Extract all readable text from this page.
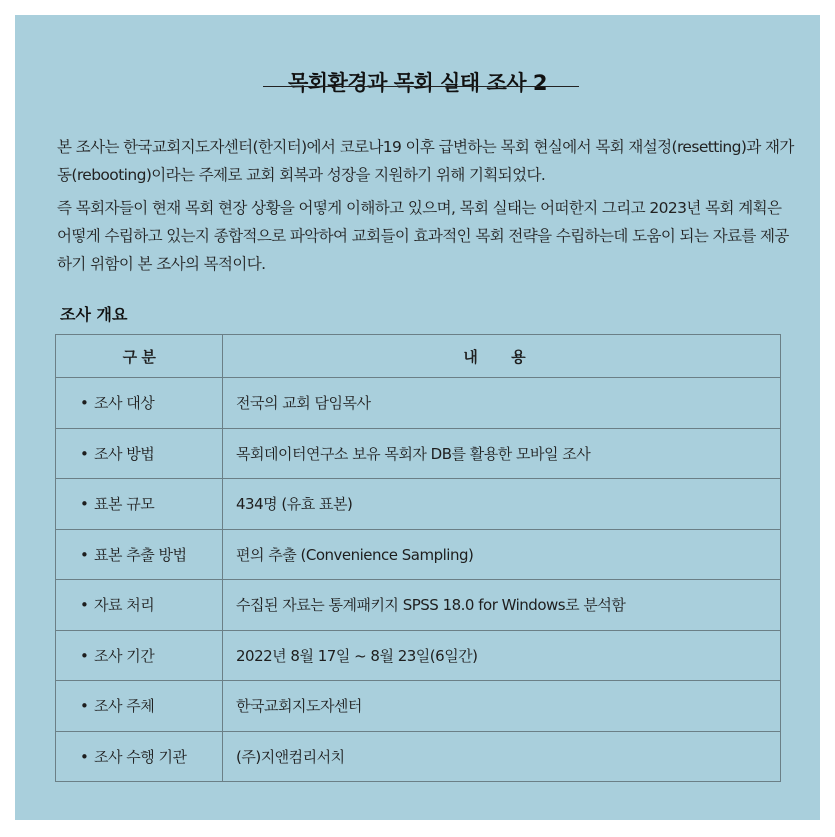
목회환경과 목회 실태 조사 2

본 조사는 한국교회지도자센터(한지터)에서 코로나19 이후 급변하는 목회 현실에서 목회 재설정(resetting)과 재가동(rebooting)이라는 주제로 교회 회복과 성장을 지원하기 위해 기획되었다.

즉 목회자들이 현재 목회 현장 상황을 어떻게 이해하고 있으며, 목회 실태는 어떠한지 그리고 2023년 목회 계획은 어떻게 수립하고 있는지 종합적으로 파악하여 교회들이 효과적인 목회 전략을 수립하는데 도움이 되는 자료를 제공하기 위함이 본 조사의 목적이다.

조사 개요
구 분	내 용
• 조사 대상	전국의 교회 담임목사
• 조사 방법	목회데이터연구소 보유 목회자 DB를 활용한 모바일 조사
• 표본 규모	434명 (유효 표본)
• 표본 추출 방법	편의 추출 (Convenience Sampling)
• 자료 처리	수집된 자료는 통계패키지 SPSS 18.0 for Windows로 분석함
• 조사 기간	2022년 8월 17일 ~ 8월 23일(6일간)
• 조사 주체	한국교회지도자센터
• 조사 수행 기관	(주)지앤컴리서치
